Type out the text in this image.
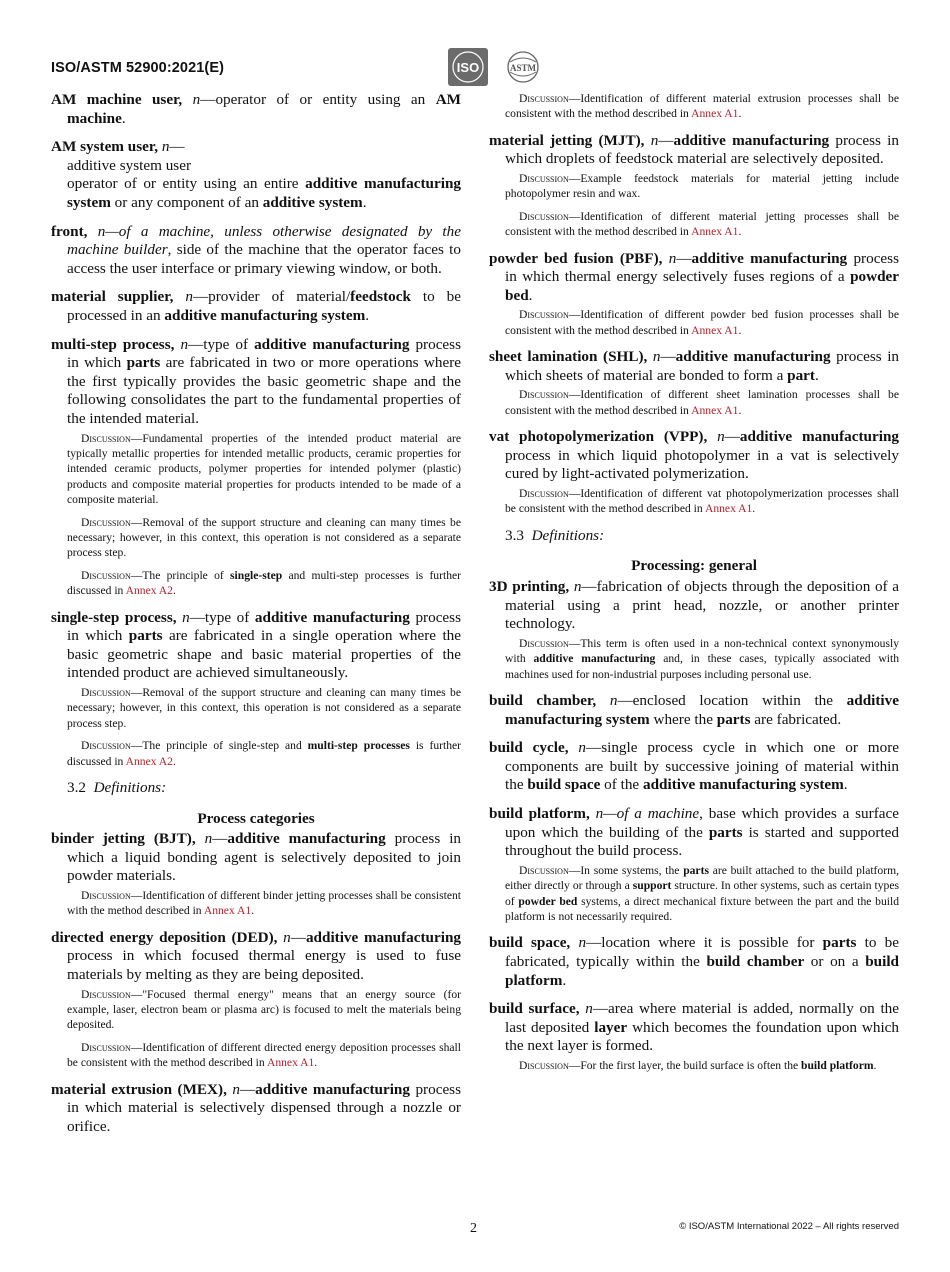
ISO/ASTM 52900:2021(E)	ISO	ASTM
AM machine user, n—operator of or entity using an AM machine.
AM system user, n—
additive system user
operator of or entity using an entire additive manufacturing system or any component of an additive system.
front, n—of a machine, unless otherwise designated by the machine builder, side of the machine that the operator faces to access the user interface or primary viewing window, or both.
material supplier, n—provider of material/feedstock to be processed in an additive manufacturing system.
multi-step process, n—type of additive manufacturing process in which parts are fabricated in two or more operations where the first typically provides the basic geometric shape and the following consolidates the part to the fundamental properties of the intended material.
Discussion—Fundamental properties of the intended product material are typically metallic properties for intended metallic products, ceramic properties for intended ceramic products, polymer properties for intended polymer (plastic) products and composite material properties for products intended to be made of a composite material.
Discussion—Removal of the support structure and cleaning can many times be necessary; however, in this context, this operation is not considered as a separate process step.
Discussion—The principle of single-step and multi-step processes is further discussed in Annex A2.
single-step process, n—type of additive manufacturing process in which parts are fabricated in a single operation where the basic geometric shape and basic material properties of the intended product are achieved simultaneously.
Discussion—Removal of the support structure and cleaning can many times be necessary; however, in this context, this operation is not considered as a separate process step.
Discussion—The principle of single-step and multi-step processes is further discussed in Annex A2.
3.2 Definitions:
Process categories
binder jetting (BJT), n—additive manufacturing process in which a liquid bonding agent is selectively deposited to join powder materials.
Discussion—Identification of different binder jetting processes shall be consistent with the method described in Annex A1.
directed energy deposition (DED), n—additive manufacturing process in which focused thermal energy is used to fuse materials by melting as they are being deposited.
Discussion—"Focused thermal energy" means that an energy source (for example, laser, electron beam or plasma arc) is focused to melt the materials being deposited.
Discussion—Identification of different directed energy deposition processes shall be consistent with the method described in Annex A1.
material extrusion (MEX), n—additive manufacturing process in which material is selectively dispensed through a nozzle or orifice.
Discussion—Identification of different material extrusion processes shall be consistent with the method described in Annex A1.
material jetting (MJT), n—additive manufacturing process in which droplets of feedstock material are selectively deposited.
Discussion—Example feedstock materials for material jetting include photopolymer resin and wax.
Discussion—Identification of different material jetting processes shall be consistent with the method described in Annex A1.
powder bed fusion (PBF), n—additive manufacturing process in which thermal energy selectively fuses regions of a powder bed.
Discussion—Identification of different powder bed fusion processes shall be consistent with the method described in Annex A1.
sheet lamination (SHL), n—additive manufacturing process in which sheets of material are bonded to form a part.
Discussion—Identification of different sheet lamination processes shall be consistent with the method described in Annex A1.
vat photopolymerization (VPP), n—additive manufacturing process in which liquid photopolymer in a vat is selectively cured by light-activated polymerization.
Discussion—Identification of different vat photopolymerization processes shall be consistent with the method described in Annex A1.
3.3 Definitions:
Processing: general
3D printing, n—fabrication of objects through the deposition of a material using a print head, nozzle, or another printer technology.
Discussion—This term is often used in a non-technical context synonymously with additive manufacturing and, in these cases, typically associated with machines used for non-industrial purposes including personal use.
build chamber, n—enclosed location within the additive manufacturing system where the parts are fabricated.
build cycle, n—single process cycle in which one or more components are built by successive joining of material within the build space of the additive manufacturing system.
build platform, n—of a machine, base which provides a surface upon which the building of the parts is started and supported throughout the build process.
Discussion—In some systems, the parts are built attached to the build platform, either directly or through a support structure. In other systems, such as certain types of powder bed systems, a direct mechanical fixture between the part and the build platform is not necessarily required.
build space, n—location where it is possible for parts to be fabricated, typically within the build chamber or on a build platform.
build surface, n—area where material is added, normally on the last deposited layer which becomes the foundation upon which the next layer is formed.
Discussion—For the first layer, the build surface is often the build platform.
2	© ISO/ASTM International 2022 – All rights reserved
